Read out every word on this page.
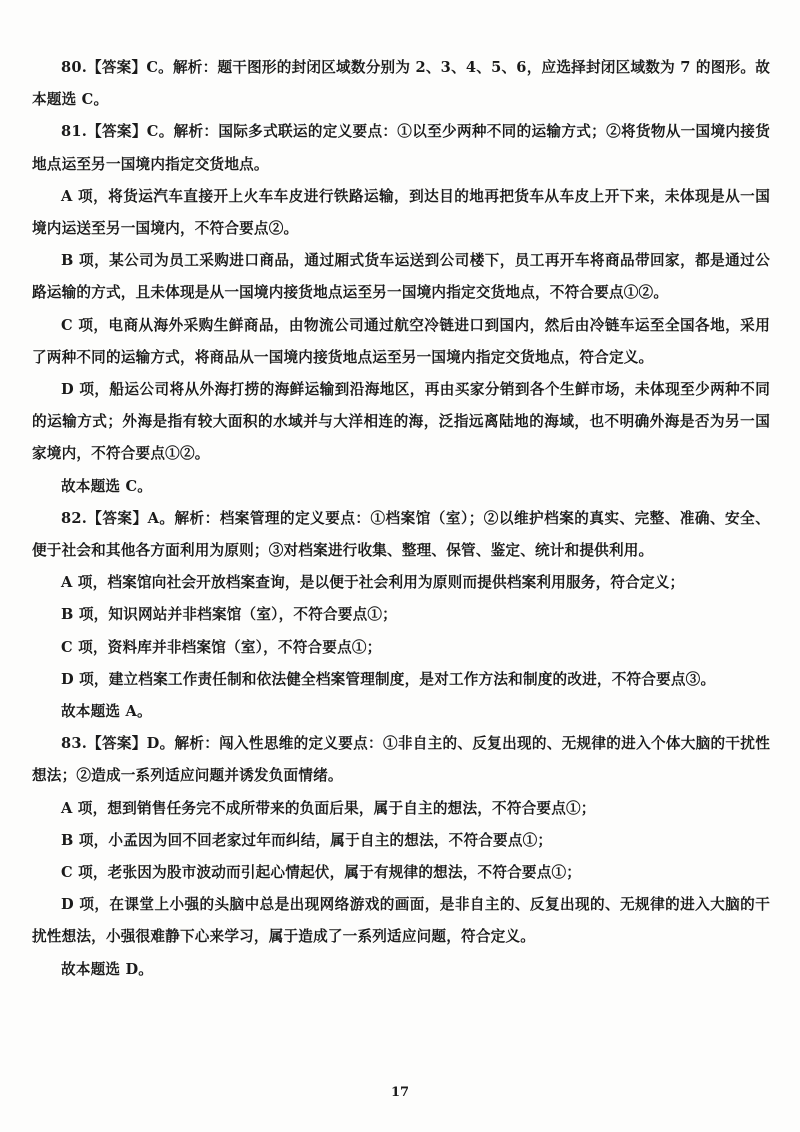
80.【答案】C。解析：题干图形的封闭区域数分别为 2、3、4、5、6，应选择封闭区域数为 7 的图形。故本题选 C。

81.【答案】C。解析：国际多式联运的定义要点：①以至少两种不同的运输方式；②将货物从一国境内接货地点运至另一国境内指定交货地点。

A 项，将货运汽车直接开上火车车皮进行铁路运输，到达目的地再把货车从车皮上开下来，未体现是从一国境内运送至另一国境内，不符合要点②。

B 项，某公司为员工采购进口商品，通过厢式货车运送到公司楼下，员工再开车将商品带回家，都是通过公路运输的方式，且未体现是从一国境内接货地点运至另一国境内指定交货地点，不符合要点①②。

C 项，电商从海外采购生鲜商品，由物流公司通过航空冷链进口到国内，然后由冷链车运至全国各地，采用了两种不同的运输方式，将商品从一国境内接货地点运至另一国境内指定交货地点，符合定义。

D 项，船运公司将从外海打捞的海鲜运输到沿海地区，再由买家分销到各个生鲜市场，未体现至少两种不同的运输方式；外海是指有较大面积的水域并与大洋相连的海，泛指远离陆地的海域，也不明确外海是否为另一国家境内，不符合要点①②。

故本题选 C。

82.【答案】A。解析：档案管理的定义要点：①档案馆（室）；②以维护档案的真实、完整、准确、安全、便于社会和其他各方面利用为原则；③对档案进行收集、整理、保管、鉴定、统计和提供利用。

A 项，档案馆向社会开放档案查询，是以便于社会利用为原则而提供档案利用服务，符合定义；

B 项，知识网站并非档案馆（室），不符合要点①；

C 项，资料库并非档案馆（室），不符合要点①；

D 项，建立档案工作责任制和依法健全档案管理制度，是对工作方法和制度的改进，不符合要点③。

故本题选 A。

83.【答案】D。解析：闯入性思维的定义要点：①非自主的、反复出现的、无规律的进入个体大脑的干扰性想法；②造成一系列适应问题并诱发负面情绪。

A 项，想到销售任务完不成所带来的负面后果，属于自主的想法，不符合要点①；

B 项，小孟因为回不回老家过年而纠结，属于自主的想法，不符合要点①；

C 项，老张因为股市波动而引起心情起伏，属于有规律的想法，不符合要点①；

D 项，在课堂上小强的头脑中总是出现网络游戏的画面，是非自主的、反复出现的、无规律的进入大脑的干扰性想法，小强很难静下心来学习，属于造成了一系列适应问题，符合定义。

故本题选 D。

17
